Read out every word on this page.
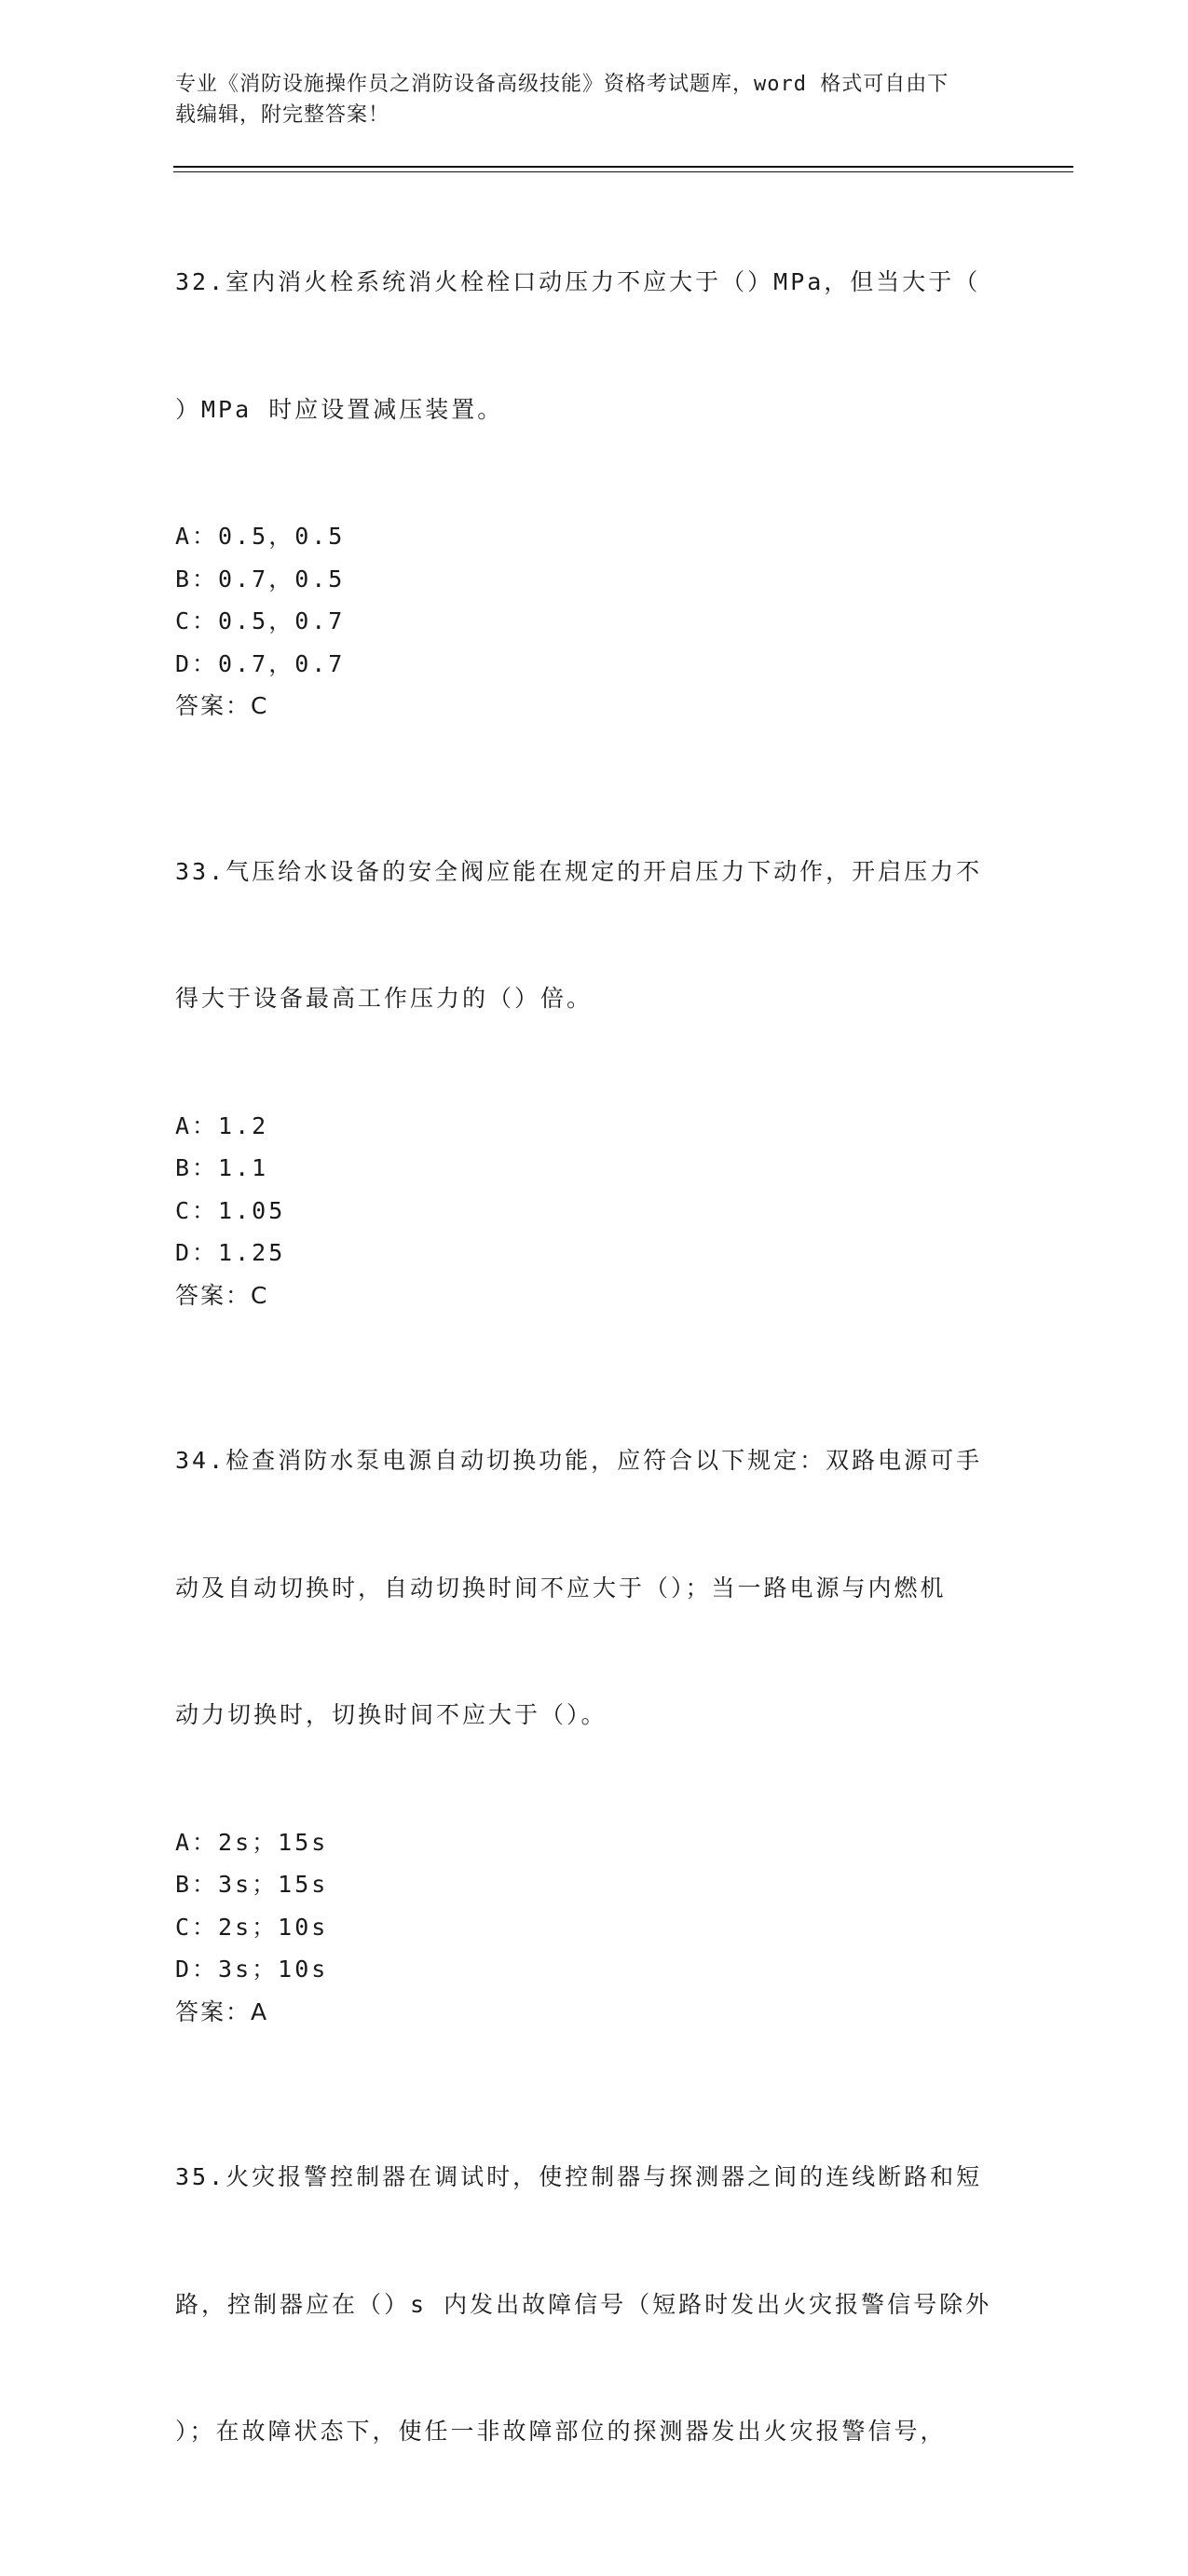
专业《消防设施操作员之消防设备高级技能》资格考试题库，word 格式可自由下
载编辑，附完整答案！

32.室内消火栓系统消火栓栓口动压力不应大于（）MPa，但当大于（

）MPa 时应设置减压装置。

A：0.5，0.5
B：0.7，0.5
C：0.5，0.7
D：0.7，0.7
答案：C

33.气压给水设备的安全阀应能在规定的开启压力下动作，开启压力不

得大于设备最高工作压力的（）倍。

A：1.2
B：1.1
C：1.05
D：1.25
答案：C

34.检查消防水泵电源自动切换功能，应符合以下规定：双路电源可手

动及自动切换时，自动切换时间不应大于（）；当一路电源与内燃机

动力切换时，切换时间不应大于（）。

A：2s；15s
B：3s；15s
C：2s；10s
D：3s；10s
答案：A

35.火灾报警控制器在调试时，使控制器与探测器之间的连线断路和短

路，控制器应在（）s 内发出故障信号（短路时发出火灾报警信号除外

）；在故障状态下，使任一非故障部位的探测器发出火灾报警信号，
